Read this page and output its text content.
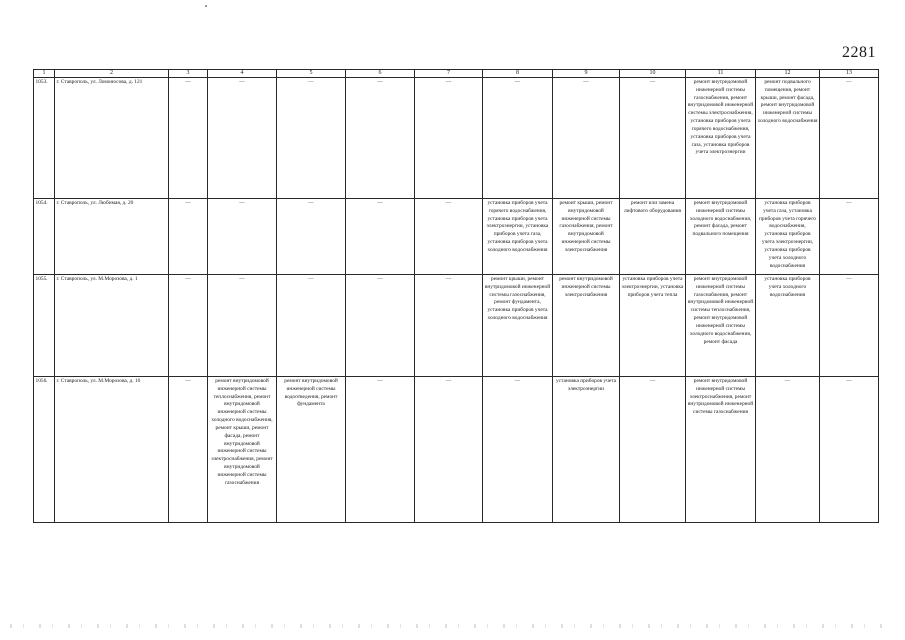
2281
1	2	3	4	5	6	7	8	9	10	11	12	13
1053.	г. Ставрополь, ул. Ломоносова, д. 121	—	—	—	—	—	—	—	—	ремонт внутридомовой инженерной системы газоснабжения, ремонт внутридомовой инженерной системы электроснабжения, установка приборов учета горячего водоснабжения, установка приборов учета газа, установка приборов учета электроэнергии	ремонт подвального помещения, ремонт крыши, ремонт фасада, ремонт внутридомовой инженерной системы холодного водоснабжения	—
1054.	г. Ставрополь, ул. Любимая, д. 20	—	—	—	—	—	установка приборов учета горячего водоснабжения, установка приборов учета электроэнергии, установка приборов учета газа, установка приборов учета холодного водоснабжения	ремонт крыши, ремонт внутридомовой инженерной системы газоснабжения, ремонт внутридомовой инженерной системы электроснабжения	ремонт или замена лифтового оборудования	ремонт внутридомовой инженерной системы холодного водоснабжения, ремонт фасада, ремонт подвального помещения	установка приборов учета газа, установка приборов учета горячего водоснабжения, установка приборов учета электроэнергии, установка приборов учета холодного водоснабжения	—
1055.	г. Ставрополь, ул. М.Морозова, д. 1	—	—	—	—	—	ремонт крыши, ремонт внутридомовой инженерной системы газоснабжения, ремонт фундамента, установка приборов учета холодного водоснабжения	ремонт внутридомовой инженерной системы электроснабжения	установка приборов учета электроэнергии, установка приборов учета тепла	ремонт внутридомовой инженерной системы газоснабжения, ремонт внутридомовой инженерной системы теплоснабжения, ремонт внутридомовой инженерной системы холодного водоснабжения, ремонт фасада	установка приборов учета холодного водоснабжения	—
1056.	г. Ставрополь, ул. М.Морозова, д. 10	—	ремонт внутридомовой инженерной системы теплоснабжения, ремонт внутридомовой инженерной системы холодного водоснабжения, ремонт крыши, ремонт фасада, ремонт внутридомовой инженерной системы электроснабжения, ремонт внутридомовой инженерной системы газоснабжения	ремонт внутридомовой инженерной системы водоотведения, ремонт фундамента	—	—	—	установка приборов учета электроэнергии	—	ремонт внутридомовой инженерной системы электроснабжения, ремонт внутридомовой инженерной системы газоснабжения	—	—
